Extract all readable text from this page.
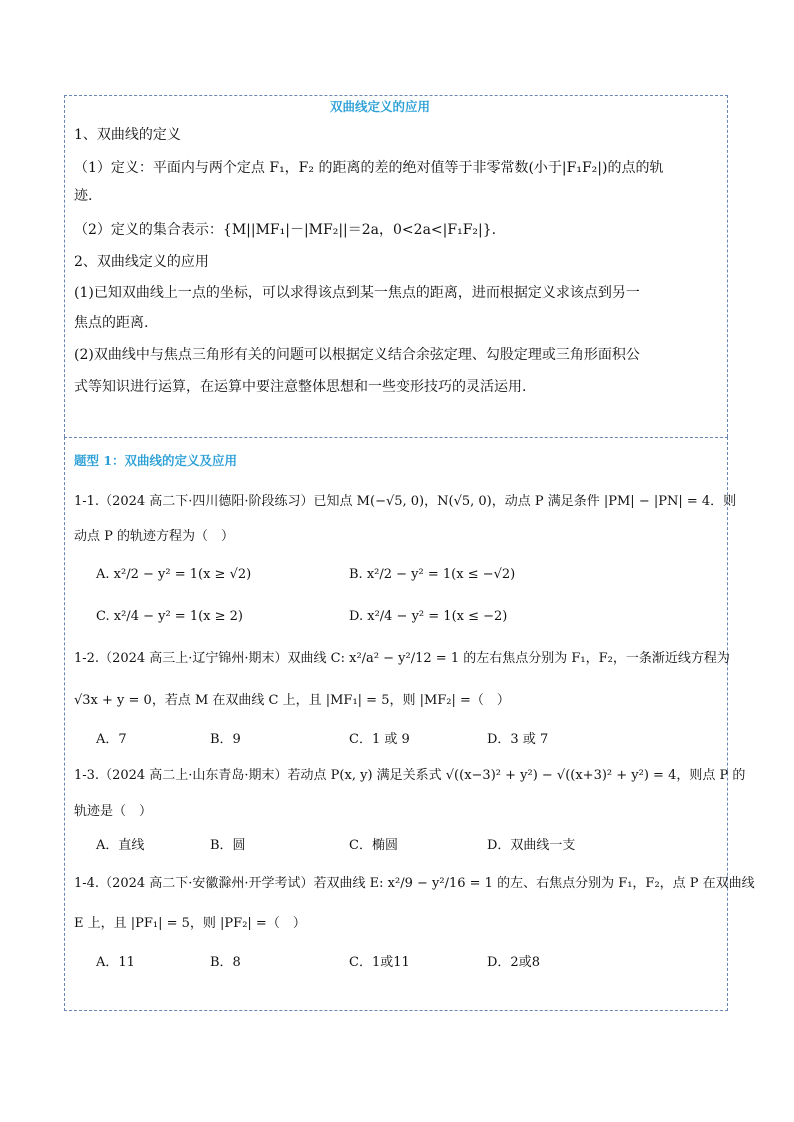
双曲线定义的应用
1、双曲线的定义
（1）定义：平面内与两个定点 F₁，F₂ 的距离的差的绝对值等于非零常数(小于|F₁F₂|)的点的轨
迹.
（2）定义的集合表示：{M||MF₁|－|MF₂||＝2a，0<2a<|F₁F₂|}.
2、双曲线定义的应用
(1)已知双曲线上一点的坐标，可以求得该点到某一焦点的距离，进而根据定义求该点到另一
焦点的距离.
(2)双曲线中与焦点三角形有关的问题可以根据定义结合余弦定理、勾股定理或三角形面积公
式等知识进行运算，在运算中要注意整体思想和一些变形技巧的灵活运用.
题型 1：双曲线的定义及应用
1-1.（2024 高二下·四川德阳·阶段练习）已知点 M(−√5, 0)，N(√5, 0)，动点 P 满足条件 |PM| − |PN| = 4．则
动点 P 的轨迹方程为（　）
A. x²/2 − y² = 1(x ≥ √2)	B. x²/2 − y² = 1(x ≤ −√2)
C. x²/4 − y² = 1(x ≥ 2)	D. x²/4 − y² = 1(x ≤ −2)
1-2.（2024 高三上·辽宁锦州·期末）双曲线 C: x²/a² − y²/12 = 1 的左右焦点分别为 F₁，F₂，一条渐近线方程为
√3x + y = 0，若点 M 在双曲线 C 上，且 |MF₁| = 5，则 |MF₂| =（　）
A．7	B．9	C．1 或 9	D．3 或 7
1-3.（2024 高二上·山东青岛·期末）若动点 P(x, y) 满足关系式 √((x−3)² + y²) − √((x+3)² + y²) = 4，则点 P 的
轨迹是（　）
A．直线	B．圆	C．椭圆	D．双曲线一支
1-4.（2024 高二下·安徽滁州·开学考试）若双曲线 E: x²/9 − y²/16 = 1 的左、右焦点分别为 F₁，F₂，点 P 在双曲线
E 上，且 |PF₁| = 5，则 |PF₂| =（　）
A．11	B．8	C．1或11	D．2或8
